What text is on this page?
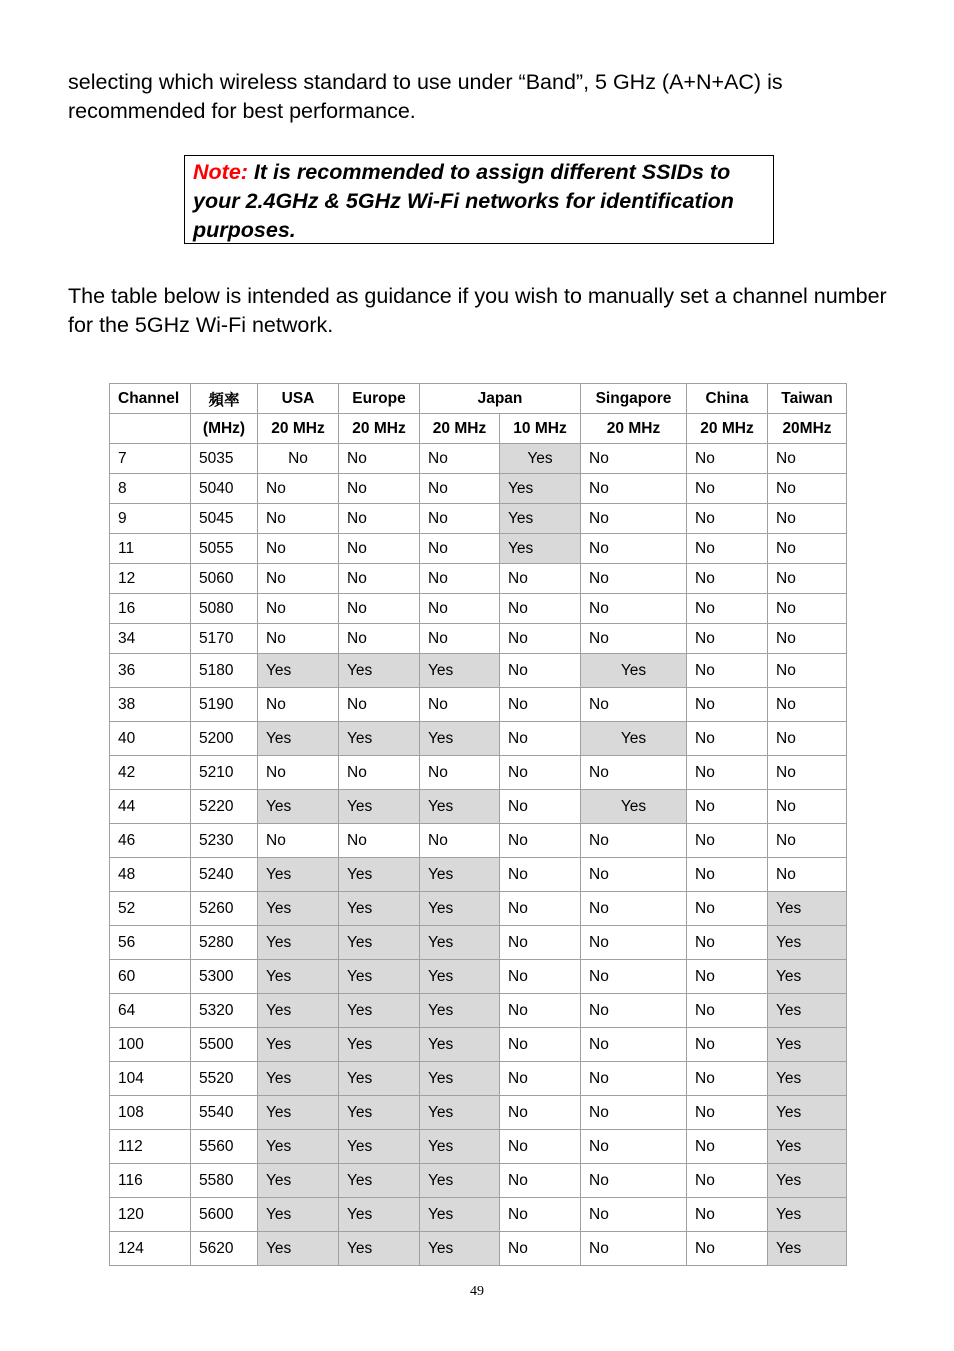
selecting which wireless standard to use under “Band”, 5 GHz (A+N+AC) is recommended for best performance.

Note: It is recommended to assign different SSIDs to your 2.4GHz & 5GHz Wi-Fi networks for identification purposes.

The table below is intended as guidance if you wish to manually set a channel number for the 5GHz Wi-Fi network.

Channel	頻率	USA	Europe	Japan		Singapore	China	Taiwan
	(MHz)	20 MHz	20 MHz	20 MHz	10 MHz	20 MHz	20 MHz	20MHz
7	5035	No	No	No	Yes	No	No	No
8	5040	No	No	No	Yes	No	No	No
9	5045	No	No	No	Yes	No	No	No
11	5055	No	No	No	Yes	No	No	No
12	5060	No	No	No	No	No	No	No
16	5080	No	No	No	No	No	No	No
34	5170	No	No	No	No	No	No	No
36	5180	Yes	Yes	Yes	No	Yes	No	No
38	5190	No	No	No	No	No	No	No
40	5200	Yes	Yes	Yes	No	Yes	No	No
42	5210	No	No	No	No	No	No	No
44	5220	Yes	Yes	Yes	No	Yes	No	No
46	5230	No	No	No	No	No	No	No
48	5240	Yes	Yes	Yes	No	No	No	No
52	5260	Yes	Yes	Yes	No	No	No	Yes
56	5280	Yes	Yes	Yes	No	No	No	Yes
60	5300	Yes	Yes	Yes	No	No	No	Yes
64	5320	Yes	Yes	Yes	No	No	No	Yes
100	5500	Yes	Yes	Yes	No	No	No	Yes
104	5520	Yes	Yes	Yes	No	No	No	Yes
108	5540	Yes	Yes	Yes	No	No	No	Yes
112	5560	Yes	Yes	Yes	No	No	No	Yes
116	5580	Yes	Yes	Yes	No	No	No	Yes
120	5600	Yes	Yes	Yes	No	No	No	Yes
124	5620	Yes	Yes	Yes	No	No	No	Yes
49
